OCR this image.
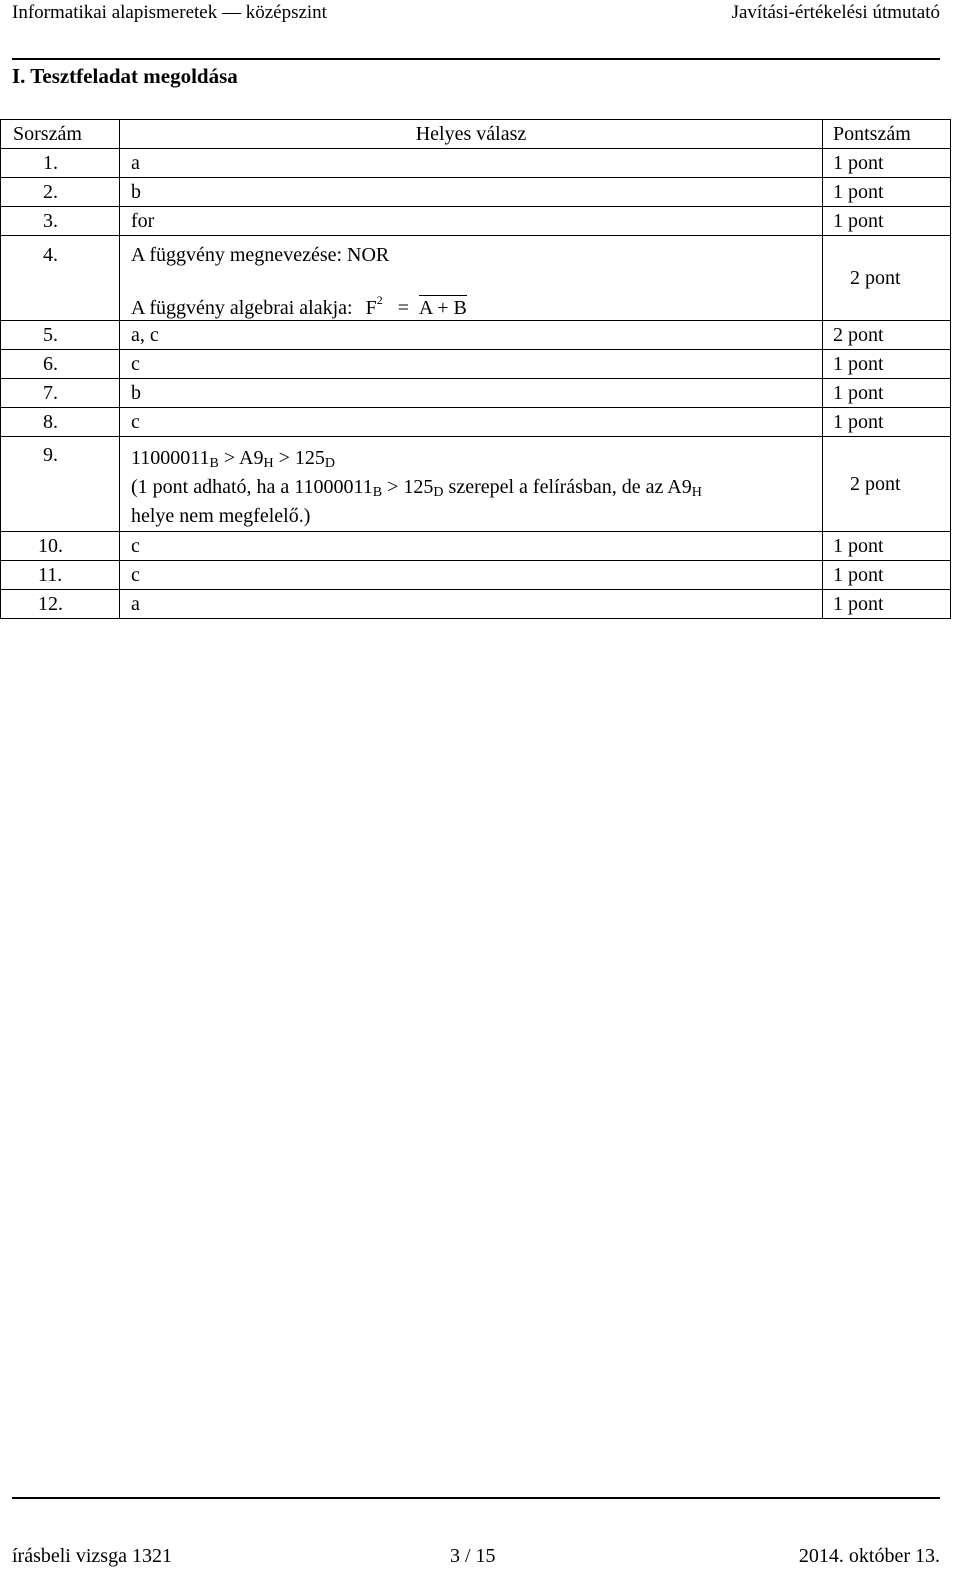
Informatikai alapismeretek — középszint	Javítási-értékelési útmutató
I. Tesztfeladat megoldása
Sorszám	Helyes válasz	Pontszám
1.	a	1 pont
2.	b	1 pont
3.	for	1 pont
4.	A függvény megnevezése: NOR
A függvény algebrai alakja: $F^2 = A + B$	2 pont
5.	a, c	2 pont
6.	c	1 pont
7.	b	1 pont
8.	c	1 pont
9.	$11000011_B > A9_H > 125_D$
(1 pont adható, ha a $11000011_B > 125_D$ szerepel a felírásban, de az $A9_H$
helye nem megfelelő.)	2 pont
10.	c	1 pont
11.	c	1 pont
12.	a	1 pont
írásbeli vizsga 1321	3 / 15	2014. október 13.
